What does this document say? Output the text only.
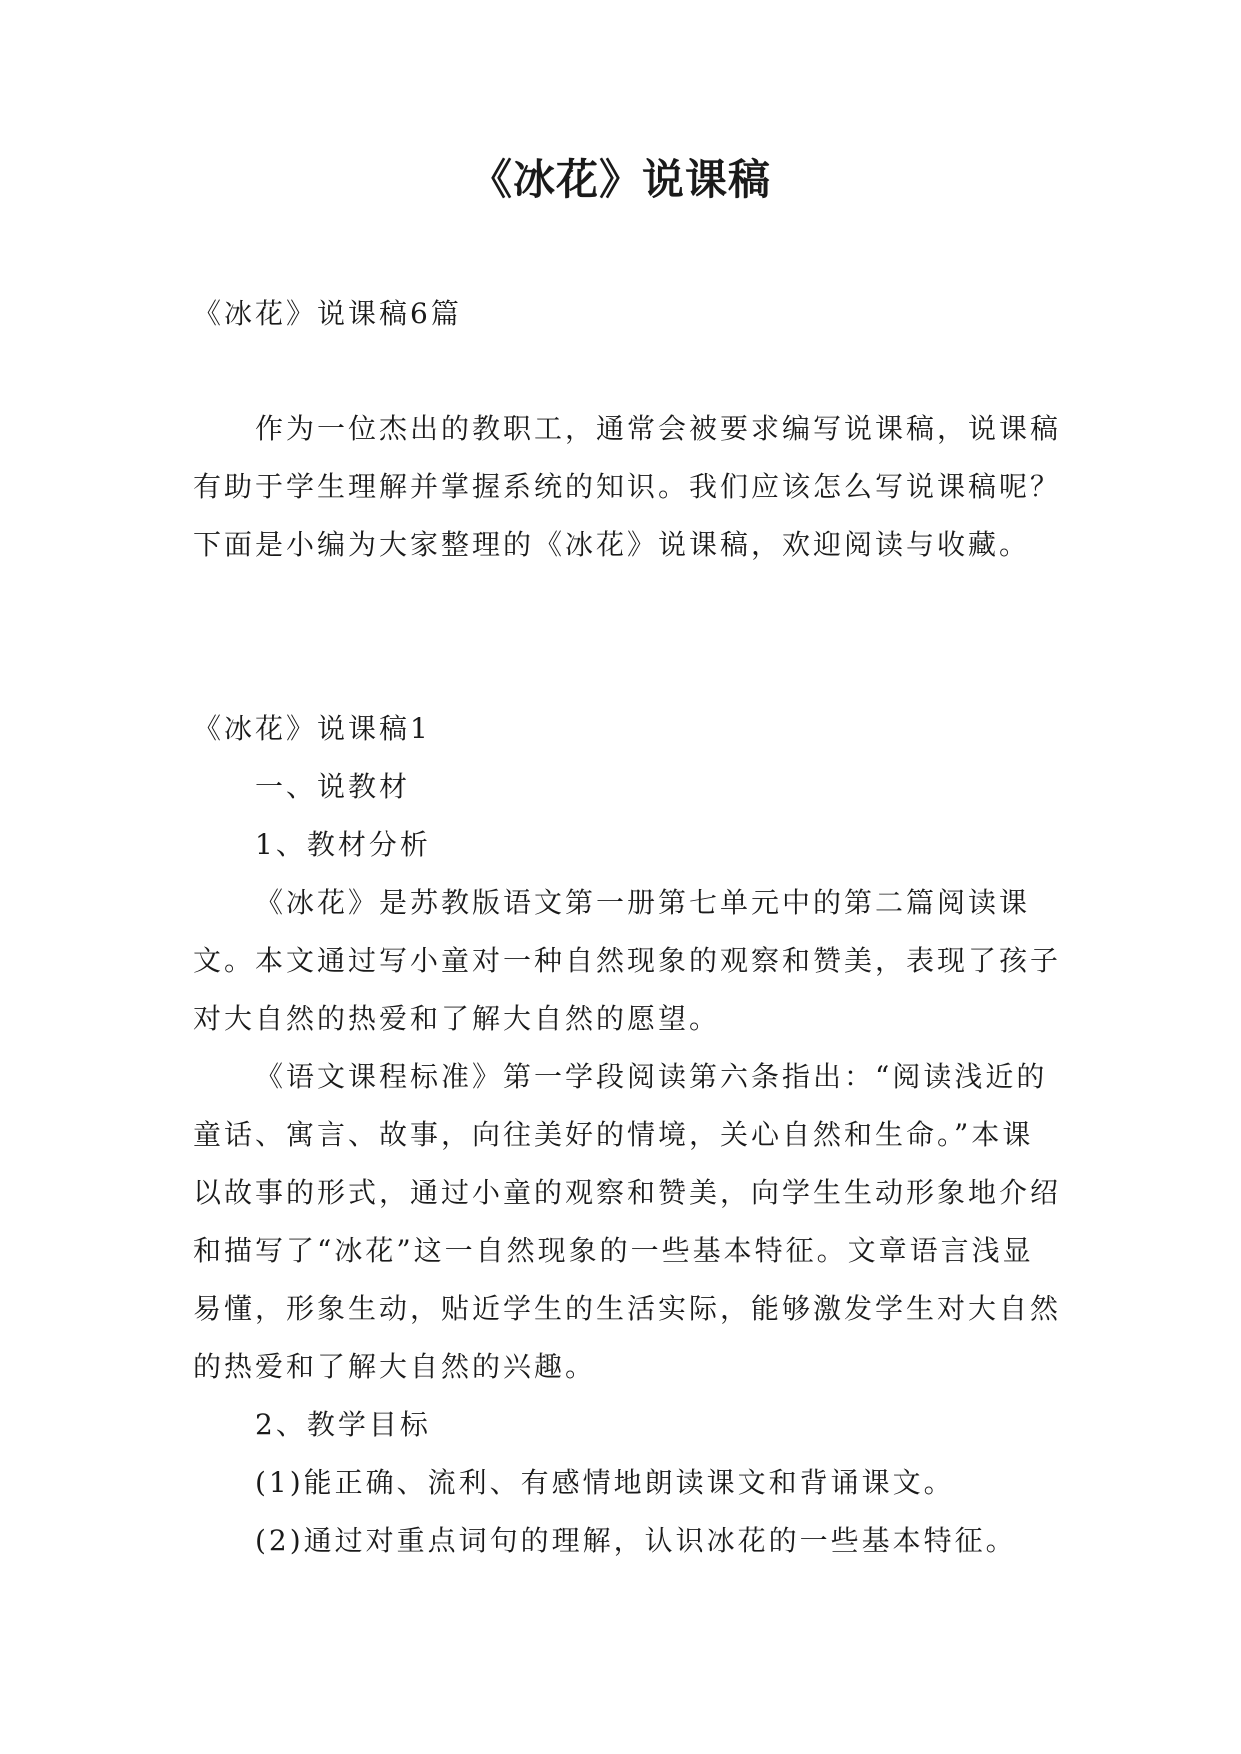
《冰花》说课稿
《冰花》说课稿6篇

作为一位杰出的教职工，通常会被要求编写说课稿，说课稿有助于学生理解并掌握系统的知识。我们应该怎么写说课稿呢？下面是小编为大家整理的《冰花》说课稿，欢迎阅读与收藏。

《冰花》说课稿1

一、说教材

1、教材分析

《冰花》是苏教版语文第一册第七单元中的第二篇阅读课文。本文通过写小童对一种自然现象的观察和赞美，表现了孩子对大自然的热爱和了解大自然的愿望。

《语文课程标准》第一学段阅读第六条指出：“阅读浅近的童话、寓言、故事，向往美好的情境，关心自然和生命。”本课以故事的形式，通过小童的观察和赞美，向学生生动形象地介绍和描写了“冰花”这一自然现象的一些基本特征。文章语言浅显易懂，形象生动，贴近学生的生活实际，能够激发学生对大自然的热爱和了解大自然的兴趣。

2、教学目标

(1)能正确、流利、有感情地朗读课文和背诵课文。

(2)通过对重点词句的理解，认识冰花的一些基本特征。
